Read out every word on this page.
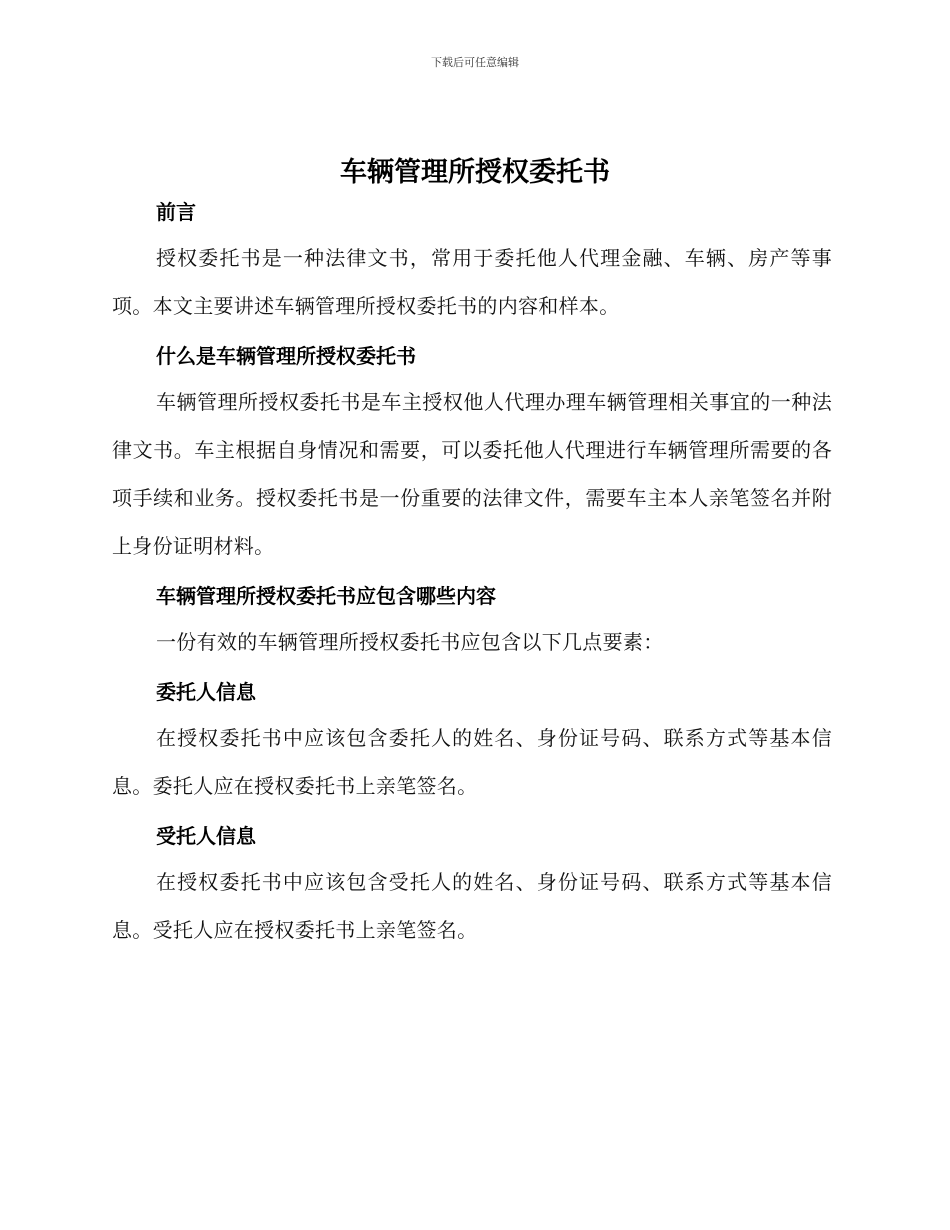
下载后可任意编辑
车辆管理所授权委托书

前言

授权委托书是一种法律文书，常用于委托他人代理金融、车辆、房产等事项。本文主要讲述车辆管理所授权委托书的内容和样本。

什么是车辆管理所授权委托书

车辆管理所授权委托书是车主授权他人代理办理车辆管理相关事宜的一种法律文书。车主根据自身情况和需要，可以委托他人代理进行车辆管理所需要的各项手续和业务。授权委托书是一份重要的法律文件，需要车主本人亲笔签名并附上身份证明材料。

车辆管理所授权委托书应包含哪些内容

一份有效的车辆管理所授权委托书应包含以下几点要素：

委托人信息

在授权委托书中应该包含委托人的姓名、身份证号码、联系方式等基本信息。委托人应在授权委托书上亲笔签名。

受托人信息

在授权委托书中应该包含受托人的姓名、身份证号码、联系方式等基本信息。受托人应在授权委托书上亲笔签名。
